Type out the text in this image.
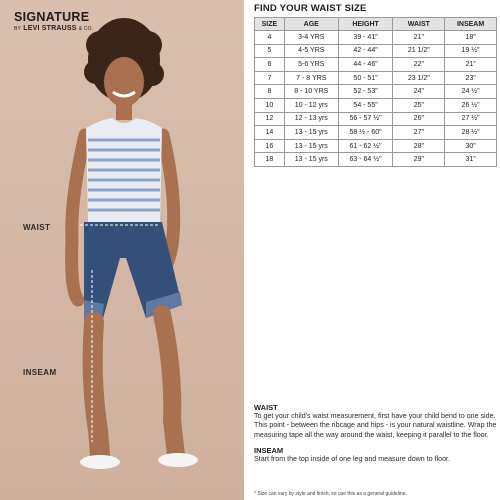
SIGNATURE
BY LEVI STRAUSS & CO.
WAIST
INSEAM
FIND YOUR WAIST SIZE
SIZE	AGE	HEIGHT	WAIST	INSEAM
4	3-4 YRS	39 - 41"	21"	18"
5	4-5 YRS	42 - 44"	21 1/2"	19 ½"
6	5-6 YRS	44 - 46"	22"	21"
7	7 - 8 YRS	50 - 51"	23 1/2"	23"
8	8 - 10 YRS	52 - 53"	24"	24 ½"
10	10 - 12 yrs	54 - 55"	25"	26 ½"
12	12 - 13 yrs	56 - 57 ½"	26"	27 ½"
14	13 - 15 yrs	58 ½ - 60"	27"	28 ½"
16	13 - 15 yrs	61 - 62 ½"	28"	30"
18	13 - 15 yrs	63 - 64 ½"	29"	31"
WAIST

To get your child's waist measurement, first have your child bend to one side. This point - between the ribcage and hips - is your natural waistline. Wrap the measuring tape all the way around the waist, keeping it parallel to the floor.

INSEAM

Start from the top inside of one leg and measure down to floor.

* Size can vary by style and finish, so use this as a general guideline.
